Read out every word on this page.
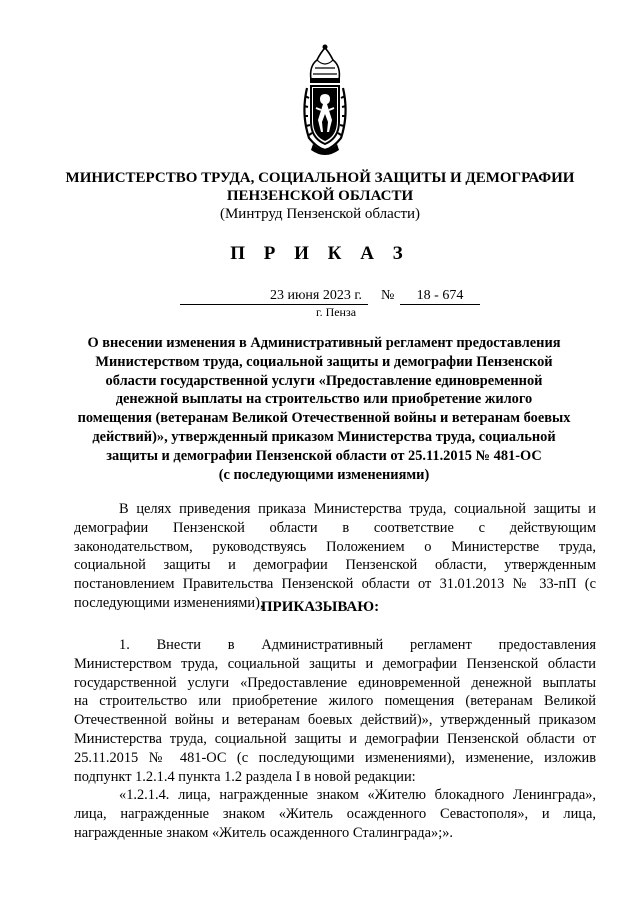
МИНИСТЕРСТВО ТРУДА, СОЦИАЛЬНОЙ ЗАЩИТЫ И ДЕМОГРАФИИ
ПЕНЗЕНСКОЙ ОБЛАСТИ
(Минтруд Пензенской области)
П Р И К А З
23 июня 2023 г.	№	18 - 674
г. Пенза
О внесении изменения в Административный регламент предоставления
Министерством труда, социальной защиты и демографии Пензенской
области государственной услуги «Предоставление единовременной
денежной выплаты на строительство или приобретение жилого
помещения (ветеранам Великой Отечественной войны и ветеранам боевых
действий)», утвержденный приказом Министерства труда, социальной
защиты и демографии Пензенской области от 25.11.2015 № 481-ОС
(с последующими изменениями)
В целях приведения приказа Министерства труда, социальной защиты и
демографии Пензенской области в соответствие с действующим
законодательством, руководствуясь Положением о Министерстве труда,
социальной защиты и демографии Пензенской области, утвержденным
постановлением Правительства Пензенской области от 31.01.2013 № 33-пП (с
последующими изменениями),
ПРИКАЗЫВАЮ:
1. Внести в Административный регламент предоставления
Министерством труда, социальной защиты и демографии Пензенской области
государственной услуги «Предоставление единовременной денежной выплаты
на строительство или приобретение жилого помещения (ветеранам Великой
Отечественной войны и ветеранам боевых действий)», утвержденный приказом
Министерства труда, социальной защиты и демографии Пензенской области от
25.11.2015 № 481-ОС (с последующими изменениями), изменение, изложив
подпункт 1.2.1.4 пункта 1.2 раздела I в новой редакции:
«1.2.1.4. лица, награжденные знаком «Жителю блокадного Ленинграда»,
лица, награжденные знаком «Житель осажденного Севастополя», и лица,
награжденные знаком «Житель осажденного Сталинграда»;».
